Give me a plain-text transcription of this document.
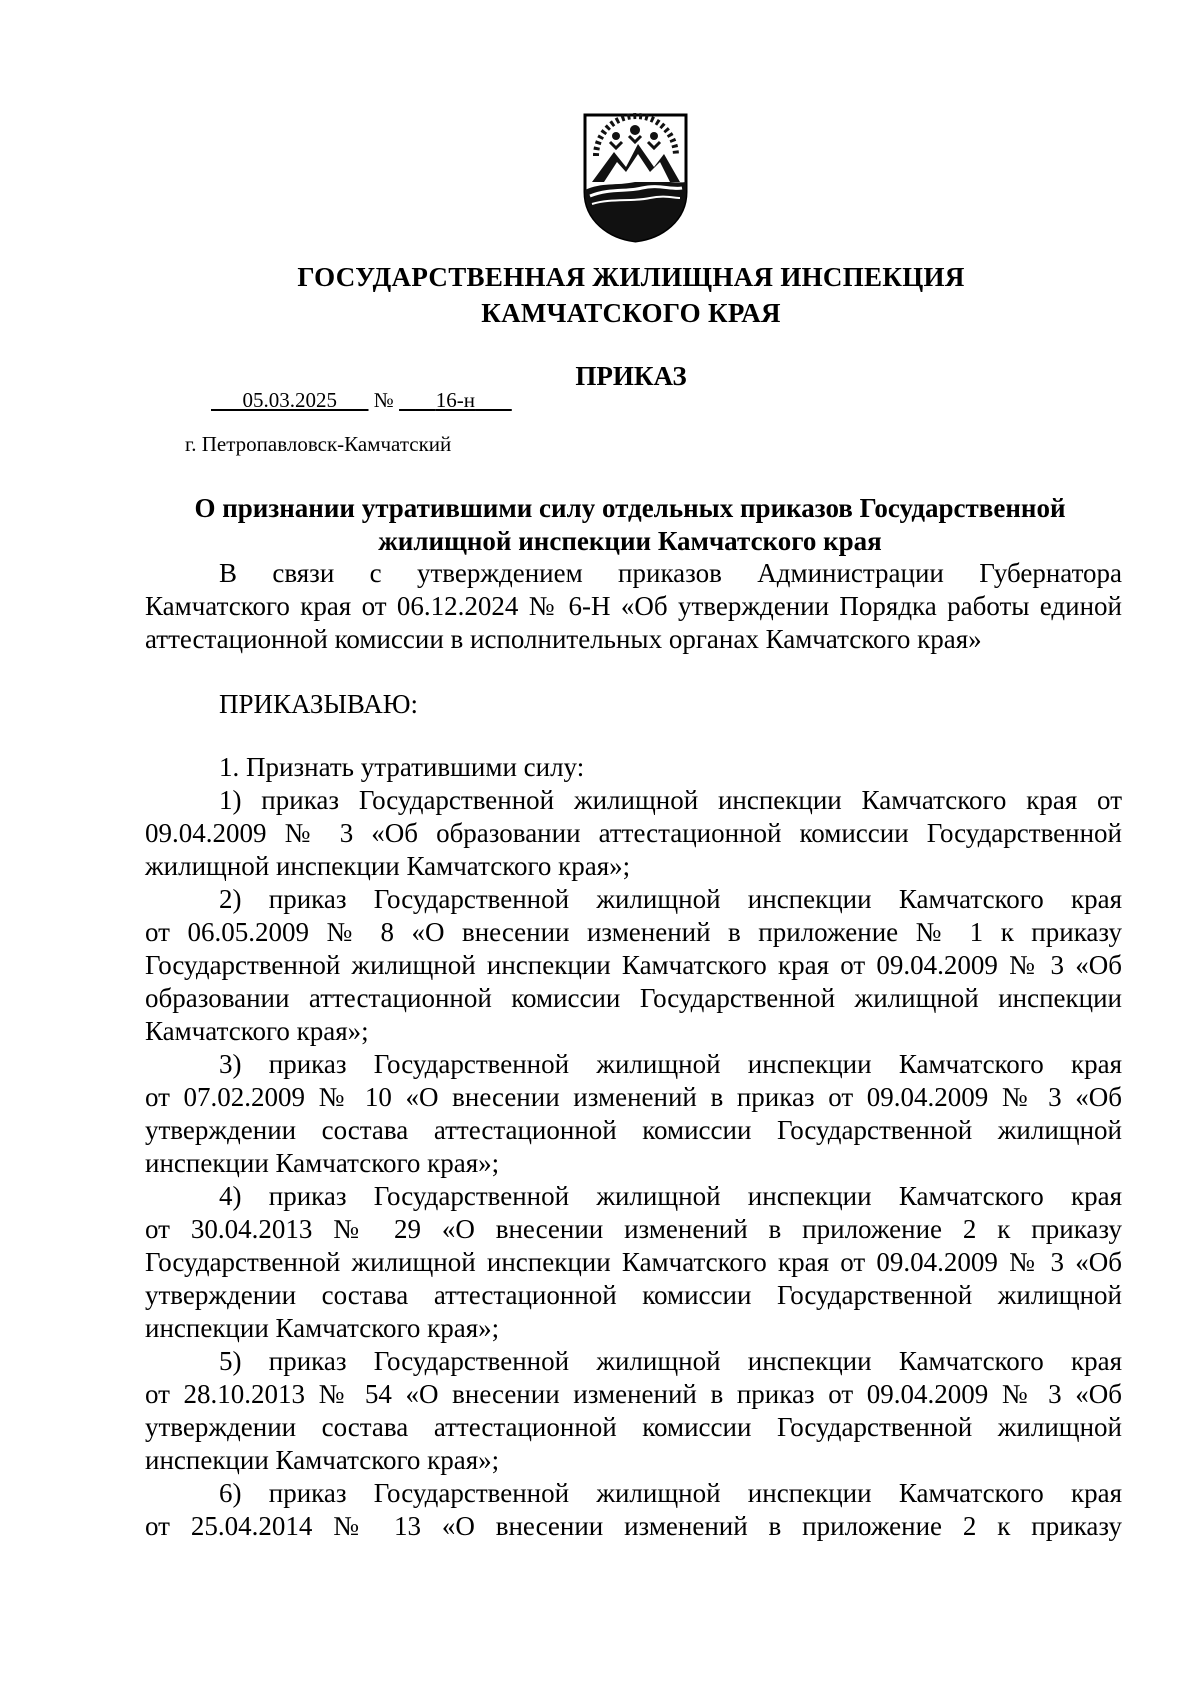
ГОСУДАРСТВЕННАЯ ЖИЛИЩНАЯ ИНСПЕКЦИЯ
КАМЧАТСКОГО КРАЯ
ПРИКАЗ
05.03.2025 № 16-н
г. Петропавловск-Камчатский
О признании утратившими силу отдельных приказов Государственной
жилищной инспекции Камчатского края
В связи с утверждением приказов Администрации Губернатора
Камчатского края от 06.12.2024 № 6-Н «Об утверждении Порядка работы единой
аттестационной комиссии в исполнительных органах Камчатского края»
ПРИКАЗЫВАЮ:
1. Признать утратившими силу:
1) приказ Государственной жилищной инспекции Камчатского края от
09.04.2009 № 3 «Об образовании аттестационной комиссии Государственной
жилищной инспекции Камчатского края»;
2) приказ Государственной жилищной инспекции Камчатского края
от 06.05.2009 № 8 «О внесении изменений в приложение № 1 к приказу
Государственной жилищной инспекции Камчатского края от 09.04.2009 № 3 «Об
образовании аттестационной комиссии Государственной жилищной инспекции
Камчатского края»;
3) приказ Государственной жилищной инспекции Камчатского края
от 07.02.2009 № 10 «О внесении изменений в приказ от 09.04.2009 № 3 «Об
утверждении состава аттестационной комиссии Государственной жилищной
инспекции Камчатского края»;
4) приказ Государственной жилищной инспекции Камчатского края
от 30.04.2013 № 29 «О внесении изменений в приложение 2 к приказу
Государственной жилищной инспекции Камчатского края от 09.04.2009 № 3 «Об
утверждении состава аттестационной комиссии Государственной жилищной
инспекции Камчатского края»;
5) приказ Государственной жилищной инспекции Камчатского края
от 28.10.2013 № 54 «О внесении изменений в приказ от 09.04.2009 № 3 «Об
утверждении состава аттестационной комиссии Государственной жилищной
инспекции Камчатского края»;
6) приказ Государственной жилищной инспекции Камчатского края
от 25.04.2014 № 13 «О внесении изменений в приложение 2 к приказу
